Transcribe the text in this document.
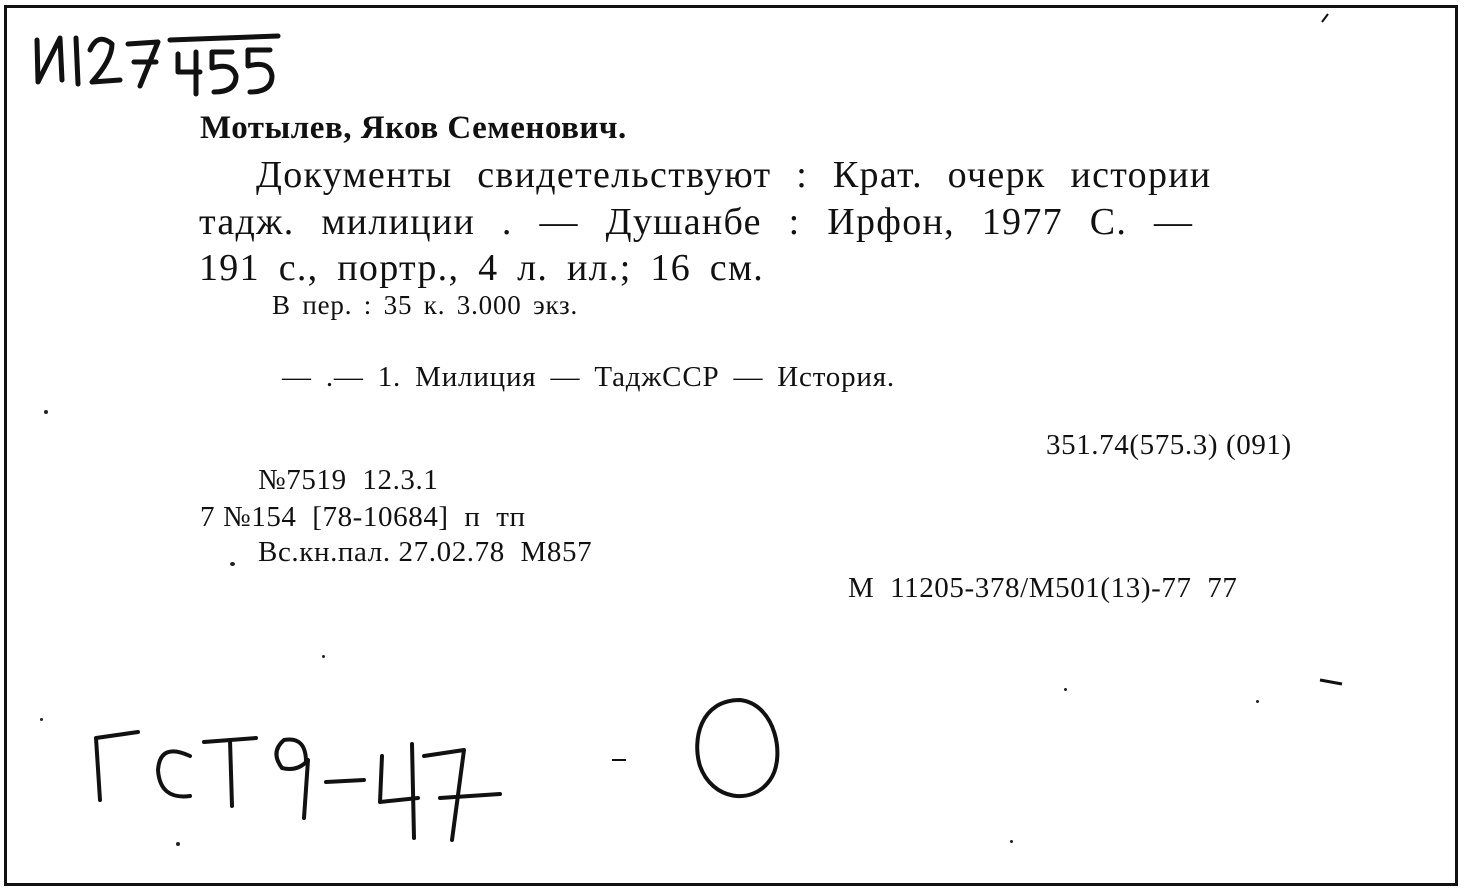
Мотылев, Яков Семенович.
Документы свидетельствуют : Крат. очерк истории
тадж. милиции . — Душанбе : Ирфон, 1977 С. —
191 с., портр., 4 л. ил.; 16 см.
В пер. : 35 к. 3.000 экз.
— .— 1. Милиция — ТаджССР — История.
351.74(575.3) (091)
№7519  12.3.1
7 №154  [78-10684]  п  тп
Вс.кн.пал. 27.02.78  М857
М  11205-378/М501(13)-77  77
